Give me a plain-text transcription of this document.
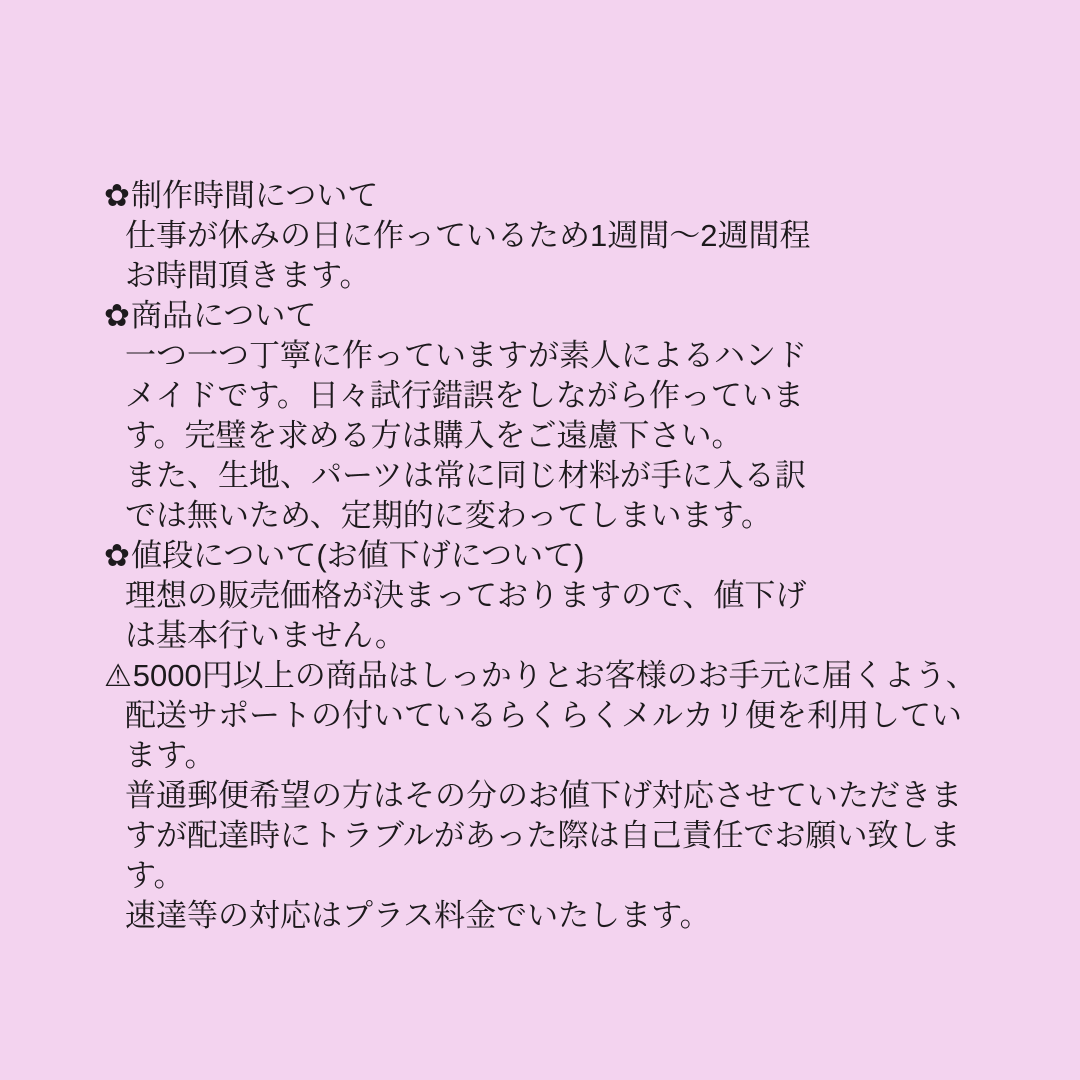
✿制作時間について

仕事が休みの日に作っているため1週間〜2週間程

お時間頂きます。

✿商品について

一つ一つ丁寧に作っていますが素人によるハンド

メイドです。日々試行錯誤をしながら作っていま

す。完璧を求める方は購入をご遠慮下さい。

また、生地、パーツは常に同じ材料が手に入る訳

では無いため、定期的に変わってしまいます。

✿値段について(お値下げについて)

理想の販売価格が決まっておりますので、値下げ

は基本行いません。

⚠5000円以上の商品はしっかりとお客様のお手元に届くよう、

配送サポートの付いているらくらくメルカリ便を利用してい

ます。

普通郵便希望の方はその分のお値下げ対応させていただきま

すが配達時にトラブルがあった際は自己責任でお願い致しま

す。

速達等の対応はプラス料金でいたします。
